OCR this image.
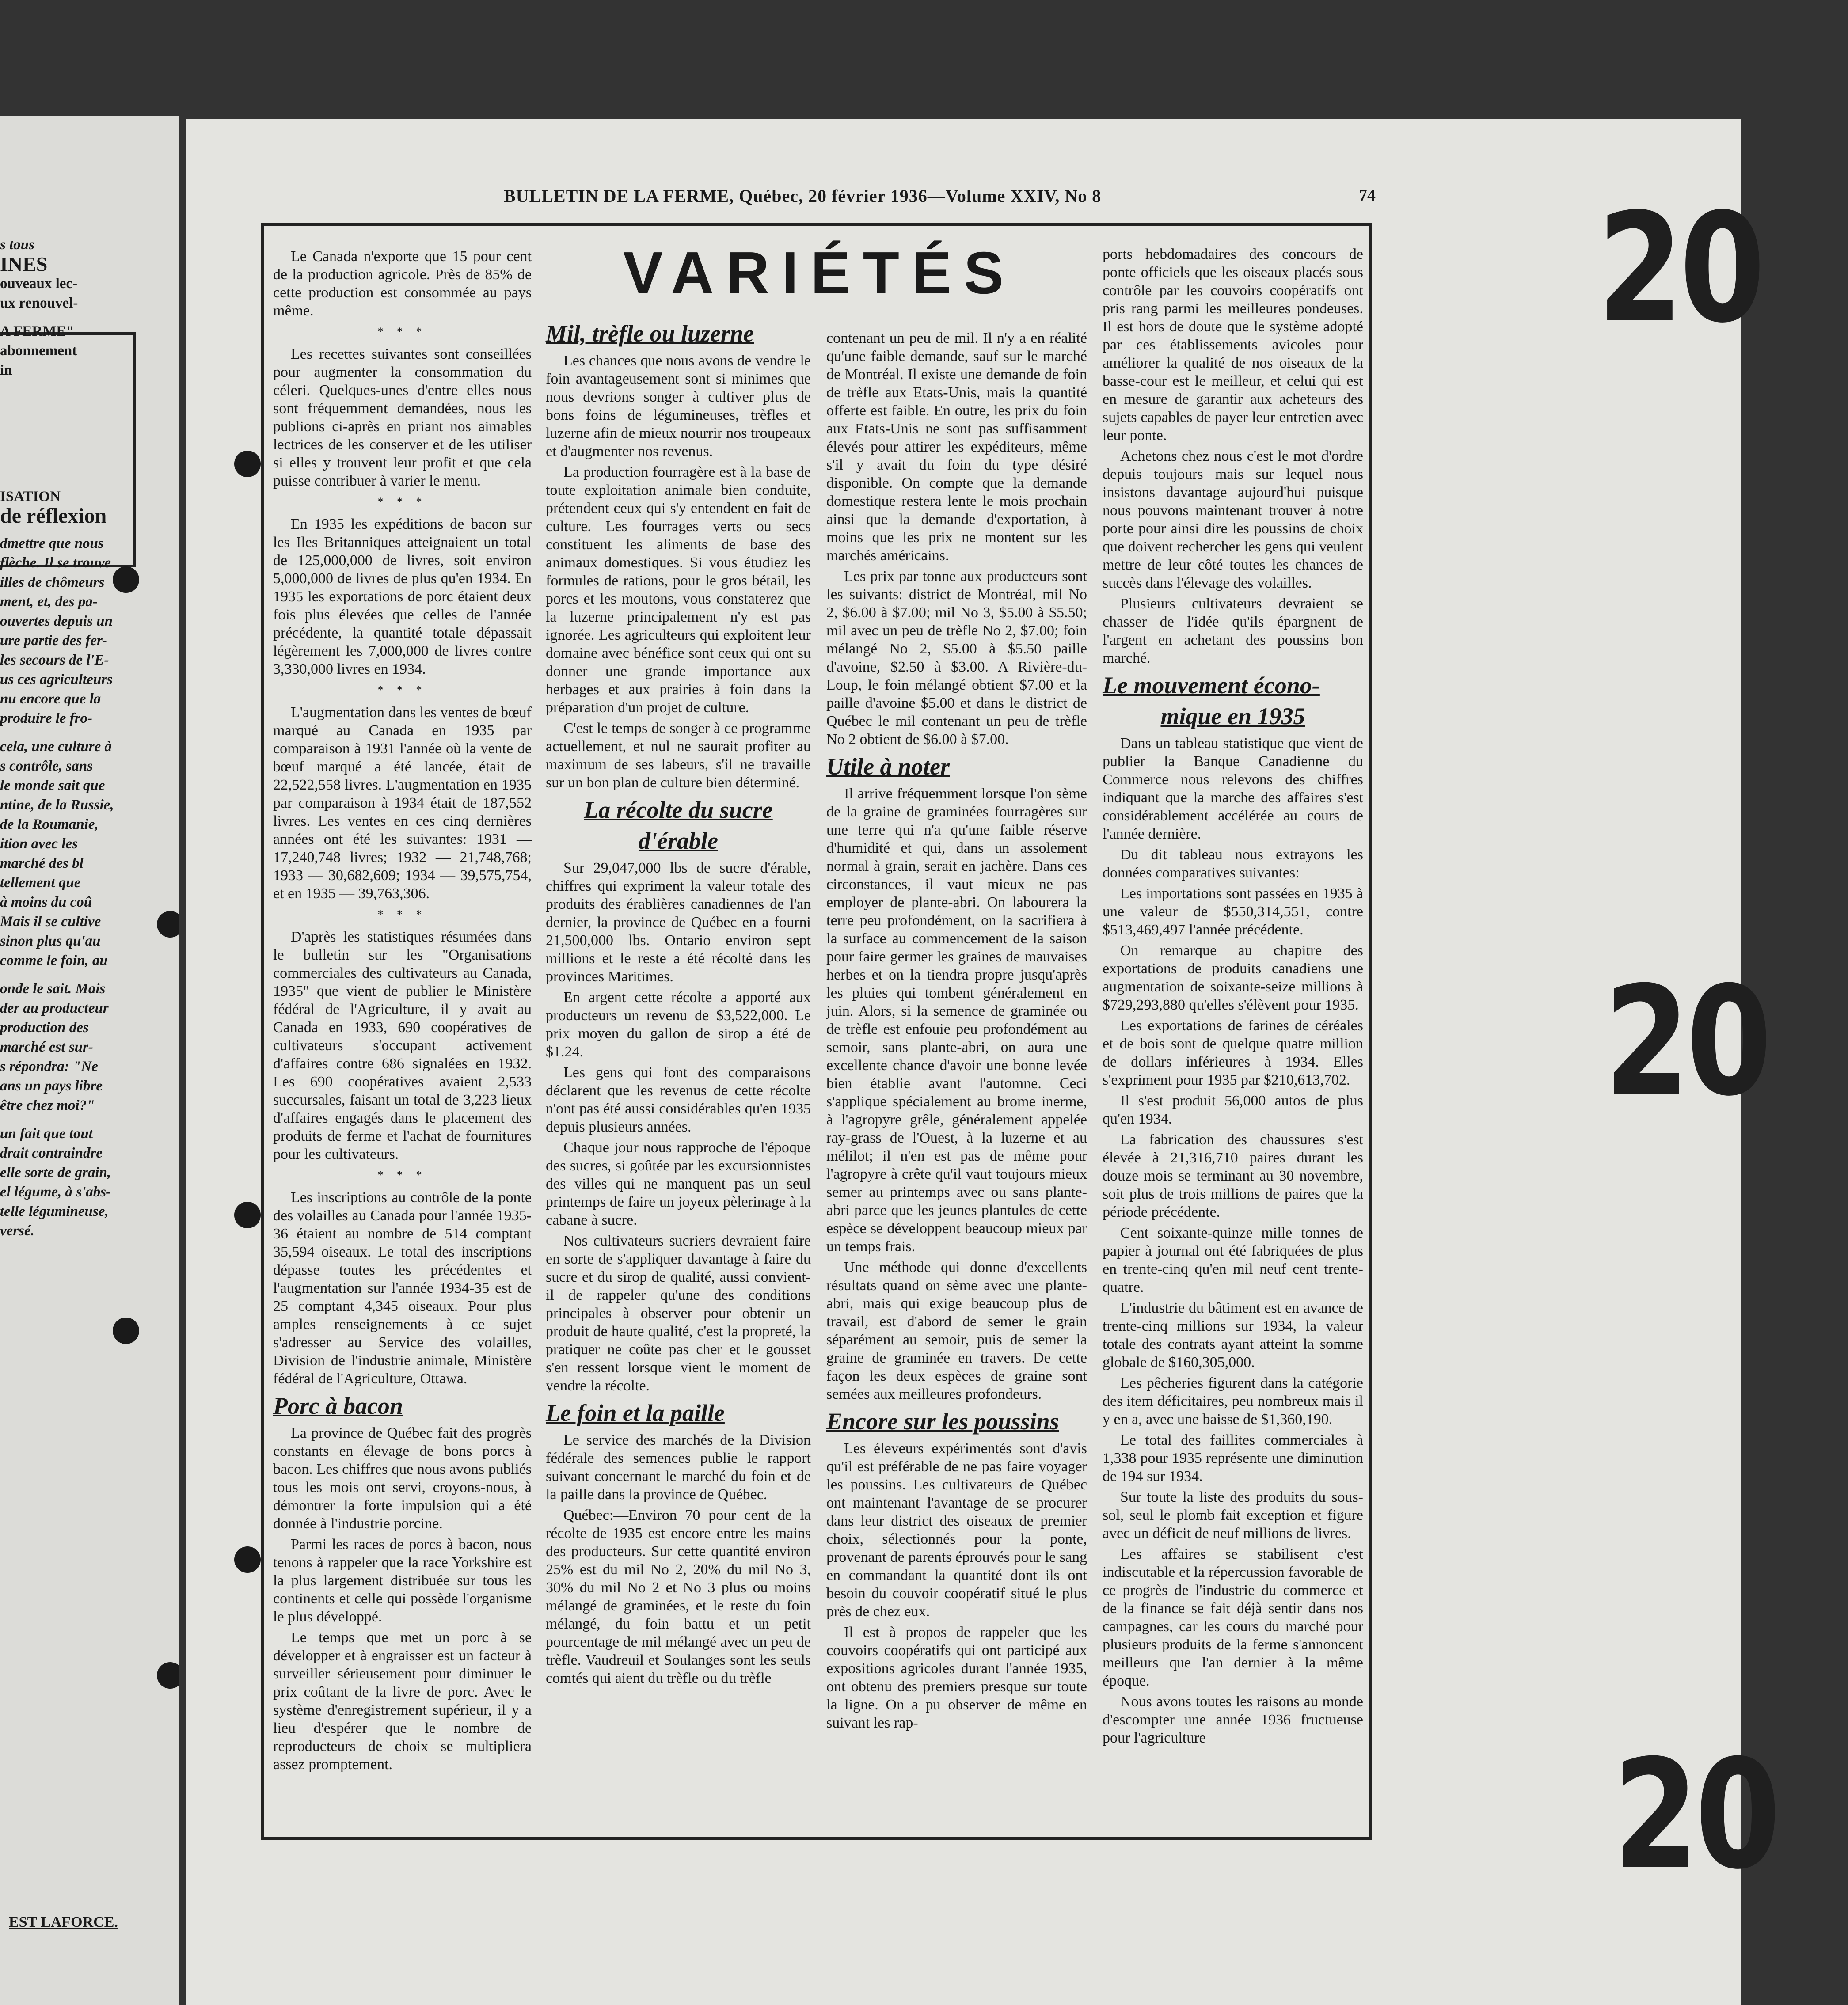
s tous

INES

ouveaux lec-

ux renouvel-

A FERME"

abonnement

in

ISATION

de réflexion

dmettre que nous

flèche. Il se trouve

illes de chômeurs

ment, et, des pa-

ouvertes depuis un

ure partie des fer-

les secours de l'E-

us ces agriculteurs

nu encore que la

produire le fro-

cela, une culture à

s contrôle, sans

le monde sait que

ntine, de la Russie,

de la Roumanie,

ition avec les

marché des bl

tellement que

à moins du coû

Mais il se cultive

sinon plus qu'au

comme le foin, au

onde le sait. Mais

der au producteur

production des

marché est sur-

s répondra: "Ne

ans un pays libre

être chez moi?"

un fait que tout

drait contraindre

elle sorte de grain,

el légume, à s'abs-

telle légumineuse,

versé.

EST LAFORCE.
20
20
20
BULLETIN DE LA FERME, Québec, 20 février 1936—Volume XXIV, No 8	74
VARIÉTÉS

Le Canada n'exporte que 15 pour cent de la production agricole. Près de 85% de cette production est consommée au pays même.

* * *

Les recettes suivantes sont conseillées pour augmenter la consommation du céleri. Quelques-unes d'entre elles nous sont fréquemment demandées, nous les publions ci-après en priant nos aimables lectrices de les conserver et de les utiliser si elles y trouvent leur profit et que cela puisse contribuer à varier le menu.

* * *

En 1935 les expéditions de bacon sur les Iles Britanniques atteignaient un total de 125,000,000 de livres, soit environ 5,000,000 de livres de plus qu'en 1934. En 1935 les exportations de porc étaient deux fois plus élevées que celles de l'année précédente, la quantité totale dépassait légèrement les 7,000,000 de livres contre 3,330,000 livres en 1934.

* * *

L'augmentation dans les ventes de bœuf marqué au Canada en 1935 par comparaison à 1931 l'année où la vente de bœuf marqué a été lancée, était de 22,522,558 livres. L'augmentation en 1935 par comparaison à 1934 était de 187,552 livres. Les ventes en ces cinq dernières années ont été les suivantes: 1931 — 17,240,748 livres; 1932 — 21,748,768; 1933 — 30,682,609; 1934 — 39,575,754, et en 1935 — 39,763,306.

* * *

D'après les statistiques résumées dans le bulletin sur les "Organisations commerciales des cultivateurs au Canada, 1935" que vient de publier le Ministère fédéral de l'Agriculture, il y avait au Canada en 1933, 690 coopératives de cultivateurs s'occupant activement d'affaires contre 686 signalées en 1932. Les 690 coopératives avaient 2,533 succursales, faisant un total de 3,223 lieux d'affaires engagés dans le placement des produits de ferme et l'achat de fournitures pour les cultivateurs.

* * *

Les inscriptions au contrôle de la ponte des volailles au Canada pour l'année 1935-36 étaient au nombre de 514 comptant 35,594 oiseaux. Le total des inscriptions dépasse toutes les précédentes et l'augmentation sur l'année 1934-35 est de 25 comptant 4,345 oiseaux. Pour plus amples renseignements à ce sujet s'adresser au Service des volailles, Division de l'industrie animale, Ministère fédéral de l'Agriculture, Ottawa.

Porc à bacon

La province de Québec fait des progrès constants en élevage de bons porcs à bacon. Les chiffres que nous avons publiés tous les mois ont servi, croyons-nous, à démontrer la forte impulsion qui a été donnée à l'industrie porcine.

Parmi les races de porcs à bacon, nous tenons à rappeler que la race Yorkshire est la plus largement distribuée sur tous les continents et celle qui possède l'organisme le plus développé.

Le temps que met un porc à se développer et à engraisser est un facteur à surveiller sérieusement pour diminuer le prix coûtant de la livre de porc. Avec le système d'enregistrement supérieur, il y a lieu d'espérer que le nombre de reproducteurs de choix se multipliera assez promptement.

Mil, trèfle ou luzerne

Les chances que nous avons de vendre le foin avantageusement sont si minimes que nous devrions songer à cultiver plus de bons foins de légumineuses, trèfles et luzerne afin de mieux nourrir nos troupeaux et d'augmenter nos revenus.

La production fourragère est à la base de toute exploitation animale bien conduite, prétendent ceux qui s'y entendent en fait de culture. Les fourrages verts ou secs constituent les aliments de base des animaux domestiques. Si vous étudiez les formules de rations, pour le gros bétail, les porcs et les moutons, vous constaterez que la luzerne principalement n'y est pas ignorée. Les agriculteurs qui exploitent leur domaine avec bénéfice sont ceux qui ont su donner une grande importance aux herbages et aux prairies à foin dans la préparation d'un projet de culture.

C'est le temps de songer à ce programme actuellement, et nul ne saurait profiter au maximum de ses labeurs, s'il ne travaille sur un bon plan de culture bien déterminé.

La récolte du sucre

d'érable

Sur 29,047,000 lbs de sucre d'érable, chiffres qui expriment la valeur totale des produits des érablières canadiennes de l'an dernier, la province de Québec en a fourni 21,500,000 lbs. Ontario environ sept millions et le reste a été récolté dans les provinces Maritimes.

En argent cette récolte a apporté aux producteurs un revenu de $3,522,000. Le prix moyen du gallon de sirop a été de $1.24.

Les gens qui font des comparaisons déclarent que les revenus de cette récolte n'ont pas été aussi considérables qu'en 1935 depuis plusieurs années.

Chaque jour nous rapproche de l'époque des sucres, si goûtée par les excursionnistes des villes qui ne manquent pas un seul printemps de faire un joyeux pèlerinage à la cabane à sucre.

Nos cultivateurs sucriers devraient faire en sorte de s'appliquer davantage à faire du sucre et du sirop de qualité, aussi convient-il de rappeler qu'une des conditions principales à observer pour obtenir un produit de haute qualité, c'est la propreté, la pratiquer ne coûte pas cher et le gousset s'en ressent lorsque vient le moment de vendre la récolte.

Le foin et la paille

Le service des marchés de la Division fédérale des semences publie le rapport suivant concernant le marché du foin et de la paille dans la province de Québec.

Québec:—Environ 70 pour cent de la récolte de 1935 est encore entre les mains des producteurs. Sur cette quantité environ 25% est du mil No 2, 20% du mil No 3, 30% du mil No 2 et No 3 plus ou moins mélangé de graminées, et le reste du foin mélangé, du foin battu et un petit pourcentage de mil mélangé avec un peu de trèfle. Vaudreuil et Soulanges sont les seuls comtés qui aient du trèfle ou du trèfle

contenant un peu de mil. Il n'y a en réalité qu'une faible demande, sauf sur le marché de Montréal. Il existe une demande de foin de trèfle aux Etats-Unis, mais la quantité offerte est faible. En outre, les prix du foin aux Etats-Unis ne sont pas suffisamment élevés pour attirer les expéditeurs, même s'il y avait du foin du type désiré disponible. On compte que la demande domestique restera lente le mois prochain ainsi que la demande d'exportation, à moins que les prix ne montent sur les marchés américains.

Les prix par tonne aux producteurs sont les suivants: district de Montréal, mil No 2, $6.00 à $7.00; mil No 3, $5.00 à $5.50; mil avec un peu de trèfle No 2, $7.00; foin mélangé No 2, $5.00 à $5.50 paille d'avoine, $2.50 à $3.00. A Rivière-du-Loup, le foin mélangé obtient $7.00 et la paille d'avoine $5.00 et dans le district de Québec le mil contenant un peu de trèfle No 2 obtient de $6.00 à $7.00.

Utile à noter

Il arrive fréquemment lorsque l'on sème de la graine de graminées fourragères sur une terre qui n'a qu'une faible réserve d'humidité et qui, dans un assolement normal à grain, serait en jachère. Dans ces circonstances, il vaut mieux ne pas employer de plante-abri. On labourera la terre peu profondément, on la sacrifiera à la surface au commencement de la saison pour faire germer les graines de mauvaises herbes et on la tiendra propre jusqu'après les pluies qui tombent généralement en juin. Alors, si la semence de graminée ou de trèfle est enfouie peu profondément au semoir, sans plante-abri, on aura une excellente chance d'avoir une bonne levée bien établie avant l'automne. Ceci s'applique spécialement au brome inerme, à l'agropyre grêle, généralement appelée ray-grass de l'Ouest, à la luzerne et au mélilot; il n'en est pas de même pour l'agropyre à crête qu'il vaut toujours mieux semer au printemps avec ou sans plante-abri parce que les jeunes plantules de cette espèce se développent beaucoup mieux par un temps frais.

Une méthode qui donne d'excellents résultats quand on sème avec une plante-abri, mais qui exige beaucoup plus de travail, est d'abord de semer le grain séparément au semoir, puis de semer la graine de graminée en travers. De cette façon les deux espèces de graine sont semées aux meilleures profondeurs.

Encore sur les poussins

Les éleveurs expérimentés sont d'avis qu'il est préférable de ne pas faire voyager les poussins. Les cultivateurs de Québec ont maintenant l'avantage de se procurer dans leur district des oiseaux de premier choix, sélectionnés pour la ponte, provenant de parents éprouvés pour le sang en commandant la quantité dont ils ont besoin du couvoir coopératif situé le plus près de chez eux.

Il est à propos de rappeler que les couvoirs coopératifs qui ont participé aux expositions agricoles durant l'année 1935, ont obtenu des premiers presque sur toute la ligne. On a pu observer de même en suivant les rap-

ports hebdomadaires des concours de ponte officiels que les oiseaux placés sous contrôle par les couvoirs coopératifs ont pris rang parmi les meilleures pondeuses. Il est hors de doute que le système adopté par ces établissements avicoles pour améliorer la qualité de nos oiseaux de la basse-cour est le meilleur, et celui qui est en mesure de garantir aux acheteurs des sujets capables de payer leur entretien avec leur ponte.

Achetons chez nous c'est le mot d'ordre depuis toujours mais sur lequel nous insistons davantage aujourd'hui puisque nous pouvons maintenant trouver à notre porte pour ainsi dire les poussins de choix que doivent rechercher les gens qui veulent mettre de leur côté toutes les chances de succès dans l'élevage des volailles.

Plusieurs cultivateurs devraient se chasser de l'idée qu'ils épargnent de l'argent en achetant des poussins bon marché.

Le mouvement écono-

mique en 1935

Dans un tableau statistique que vient de publier la Banque Canadienne du Commerce nous relevons des chiffres indiquant que la marche des affaires s'est considérablement accélérée au cours de l'année dernière.

Du dit tableau nous extrayons les données comparatives suivantes:

Les importations sont passées en 1935 à une valeur de $550,314,551, contre $513,469,497 l'année précédente.

On remarque au chapitre des exportations de produits canadiens une augmentation de soixante-seize millions à $729,293,880 qu'elles s'élèvent pour 1935.

Les exportations de farines de céréales et de bois sont de quelque quatre million de dollars inférieures à 1934. Elles s'expriment pour 1935 par $210,613,702.

Il s'est produit 56,000 autos de plus qu'en 1934.

La fabrication des chaussures s'est élevée à 21,316,710 paires durant les douze mois se terminant au 30 novembre, soit plus de trois millions de paires que la période précédente.

Cent soixante-quinze mille tonnes de papier à journal ont été fabriquées de plus en trente-cinq qu'en mil neuf cent trente-quatre.

L'industrie du bâtiment est en avance de trente-cinq millions sur 1934, la valeur totale des contrats ayant atteint la somme globale de $160,305,000.

Les pêcheries figurent dans la catégorie des item déficitaires, peu nombreux mais il y en a, avec une baisse de $1,360,190.

Le total des faillites commerciales à 1,338 pour 1935 représente une diminution de 194 sur 1934.

Sur toute la liste des produits du sous-sol, seul le plomb fait exception et figure avec un déficit de neuf millions de livres.

Les affaires se stabilisent c'est indiscutable et la répercussion favorable de ce progrès de l'industrie du commerce et de la finance se fait déjà sentir dans nos campagnes, car les cours du marché pour plusieurs produits de la ferme s'annoncent meilleurs que l'an dernier à la même époque.

Nous avons toutes les raisons au monde d'escompter une année 1936 fructueuse pour l'agriculture
